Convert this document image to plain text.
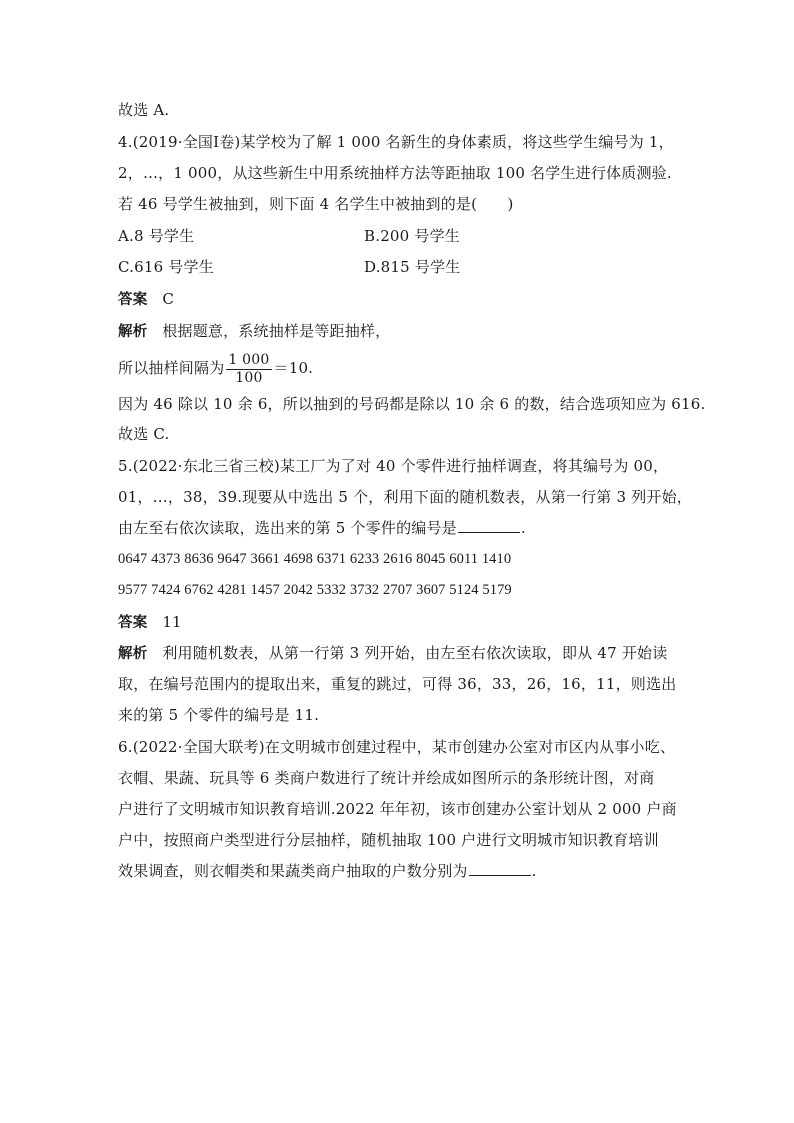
故选 A.
4.(2019·全国Ⅰ卷)某学校为了解 1 000 名新生的身体素质，将这些学生编号为 1，
2，…，1 000，从这些新生中用系统抽样方法等距抽取 100 名学生进行体质测验.
若 46 号学生被抽到，则下面 4 名学生中被抽到的是(　　)
A.8 号学生	B.200 号学生
C.616 号学生	D.815 号学生
答案 C
解析 根据题意，系统抽样是等距抽样，
所以抽样间隔为 $\frac{1 000}{100} =10$.
因为 46 除以 10 余 6，所以抽到的号码都是除以 10 余 6 的数，结合选项知应为 616.
故选 C.
5.(2022·东北三省三校)某工厂为了对 40 个零件进行抽样调查，将其编号为 00，
01，…，38，39.现要从中选出 5 个，利用下面的随机数表，从第一行第 3 列开始，
由左至右依次读取，选出来的第 5 个零件的编号是	.
0647 4373 8636 9647 3661 4698 6371 6233 2616 8045 6011 1410
9577 7424 6762 4281 1457 2042 5332 3732 2707 3607 5124 5179
答案 11
解析 利用随机数表，从第一行第 3 列开始，由左至右依次读取，即从 47 开始读
取，在编号范围内的提取出来，重复的跳过，可得 36，33，26，16，11，则选出
来的第 5 个零件的编号是 11.
6.(2022·全国大联考)在文明城市创建过程中，某市创建办公室对市区内从事小吃、
衣帽、果蔬、玩具等 6 类商户数进行了统计并绘成如图所示的条形统计图，对商
户进行了文明城市知识教育培训.2022 年年初，该市创建办公室计划从 2 000 户商
户中，按照商户类型进行分层抽样，随机抽取 100 户进行文明城市知识教育培训
效果调查，则衣帽类和果蔬类商户抽取的户数分别为	.
